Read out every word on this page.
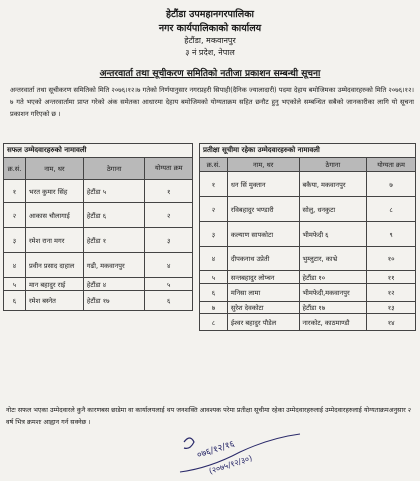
हेटौंडा उपमहानगरपालिका
नगर कार्यपालिकाको कार्यालय
हेटौंडा, मकवानपुर
३ नं प्रदेश, नेपाल
अन्तरवार्ता तथा सूचीकरण समितिको नतीजा प्रकाशन सम्बन्धी सूचना
अन्तरवार्ता तथा सूचीकरण समितिको मिति २०७६।१२।७ गतेको निर्णयानुसार नगरप्रहरी सिपाही(दैनिक ज्यालादारी) पदमा देहाय बमोजिमका उम्मेदवारहरुको मिति २०७६।१२।७ गते भएको अन्तरवार्तामा प्राप्त गरेको अंक समेतका आधारमा देहाय बमोजिमको योग्यताक्रम सहित छनौट हुनु भएकोले सम्बन्धित सबैको जानकारीका लागि यो सूचना प्रकाशन गरिएको छ ।
सफल उम्मेदवारहरुको नामावली			
क्र.सं.	नाम, थर	ठेगाना	योग्यता क्रम
१	भरत कुमार सिंह	हेटौंडा ५	१
२	आकास चौलागाई	हेटौंडा ६	२
३	रमेश राना मगर	हेटौंडा १	३
४	प्रवीन प्रसाद दाहाल	गढी, मकवानपुर	४
५	मान बहादुर राई	हेटौंडा ४	५
६	रमेश बस्नेत	हेटौंडा १७	६
प्रतीक्षा सूचीमा रहेका उम्मेदवारहरुको नामावली			
क्र.सं.	नाम, थर	ठेगाना	योग्यता क्रम
१	धन सिं मुक्तान	बकैया, मकवानपुर	७
२	रविबहादुर भण्डारी	सोलु, धनकुटा	८
३	कल्याण सापकोटा	भीमफेदी ६	९
४	दीपकनाथ उप्रेती	भुम्लुटार, काभ्रे	१०
५	सन्तबहादुर लोप्चन	हेटौंडा १०	११
६	मनिसा लामा	भीमफेदी,मकवानपुर	१२
७	सुरेश देवकोटा	हेटौंडा १७	१३
८	ईश्वर बहादुर पौडेल	नारकोट, काठमाण्डौ	१४
नोटः सफल भएका उम्मेदवारले कुनै कारणबस छाडेमा वा कार्यालयलाई थप जनशक्ति आवश्यक परेमा प्रतीक्षा सूचीमा रहेका उम्मेदवारहरुलाई उम्मेदवारहरुलाई योग्यताक्रमअनुसार २ वर्ष भित्र क्रमशः आह्वान गर्न सक्नेछ ।
०७६/१२/१६
(२०७५/१२/३०)
